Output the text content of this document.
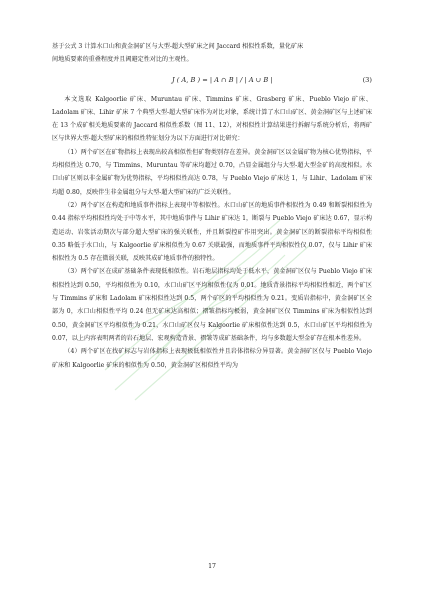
基于公式 3 计算水口山和黄金洞矿区与大型-超大型矿床之间 Jaccard 相似性系数，量化矿床

间地质要素的重叠程度并且阈避定性对比的主观性。

J ( A, B ) = | A ∩ B | / | A ∪ B |	(3)

本文选取 Kalgoorlie 矿床、Muruntau 矿床、Timmins 矿床、Grasberg 矿床、Pueblo Viejo 矿床、Ladolam 矿床、Lihir 矿床 7 个典型大型-超大型矿床作为对比对象，系统计算了水口山矿区、黄金洞矿区与上述矿床在 13 个成矿相关地质要素的 Jaccard 相似性系数（图 11、12），对相似性计算结果进行拆解与系统分析后，将两矿区与世界大型-超大型矿床的相似性特征划分为以下方面进行对比研究：

（1）两个矿区在矿物指标上表现出较高相似性但矿物类别存在差异。黄金洞矿区以金属矿物为核心优势指标，平均相似性达 0.70，与 Timmins、Muruntau 等矿床均超过 0.70，凸显金属组分与大型-超大型金矿的高度相似。水口山矿区则以非金属矿物为优势指标，平均相似性高达 0.78，与 Pueblo Viejo 矿床达 1，与 Lihir、Ladolam 矿床均超 0.80，反映伴生非金属组分与大型-超大型矿床的广泛关联性。

（2）两个矿区在构造和地质事件指标上表现中等相似性。水口山矿区的地质事件相似性为 0.49 和断裂相似性为 0.44 指标平均相似性均处于中等水平，其中地质事件与 Lihir 矿床达 1，断裂与 Pueblo Viejo 矿床达 0.67，显示构造运动、岩浆活动期次与部分超大型矿床的强关联性，并且断裂控矿作用突出。黄金洞矿区的断裂指标平均相似性 0.35 略低于水口山，与 Kalgoorlie 矿床相似性为 0.67 关联最强，而地质事件平均相似性仅 0.07，仅与 Lihir 矿床相似性为 0.5 存在微弱关联，反映其成矿地质事件的独特性。

（3）两个矿区在成矿基础条件表现低相似性。岩石地层指标均处于低水平，黄金洞矿区仅与 Pueblo Viejo 矿床相似性达到 0.50，平均相似性为 0.10，水口山矿区平均相似性仅为 0.01。地质背景指标平均相似性相近，两个矿区与 Timmins 矿床和 Ladolam 矿床相似性达到 0.5，两个矿区的平均相似性为 0.21。变质岩指标中，黄金洞矿区全部为 0，水口山相似性平均 0.24 但无矿床达高相似；褶皱指标均极弱，黄金洞矿区仅 Timmins 矿床为相似性达到 0.50，黄金洞矿区平均相似性为 0.21，水口山矿区仅与 Kalgoorlie 矿床相似性达到 0.5，水口山矿区平均相似性为 0.07，以上内容表明两者的岩石地层、宏观构造背景、褶皱等成矿基础条件，均与多数超大型金矿存在根本性差异。

（4）两个矿区在找矿标志与岩体指标上表现极低相似性并且岩体指标分异显著。黄金洞矿区仅与 Pueblo Viejo 矿床和 Kalgoorlie 矿床的相似性为 0.50，黄金洞矿区相似性平均为

17
